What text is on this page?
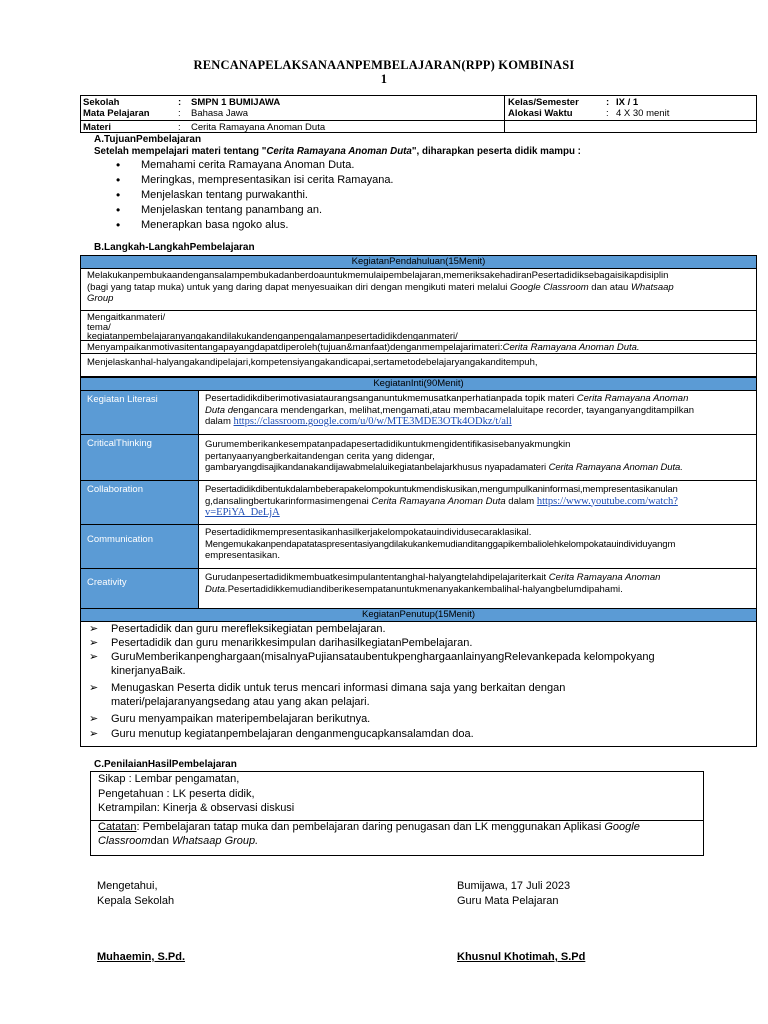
RENCANAPELAKSANAANPEMBELAJARAN(RPP) KOMBINASI
1
Sekolah	: SMPN 1 BUMIJAWA	Kelas/Semester	: IX / 1
Mata Pelajaran	: Bahasa Jawa	Alokasi Waktu	: 4 X 30 menit
Materi	: Cerita Ramayana Anoman Duta
A.TujuanPembelajaran
Setelah mempelajari materi tentang "Cerita Ramayana Anoman Duta", diharapkan peserta didik mampu :
• Memahami cerita Ramayana Anoman Duta.
• Meringkas, mempresentasikan isi cerita Ramayana.
• Menjelaskan tentang purwakanthi.
• Menjelaskan tentang panambang an.
• Menerapkan basa ngoko alus.
B.Langkah-LangkahPembelajaran
KegiatanPendahuluan(15Menit)
Melakukanpembukaandengansalampembukadanberdoauntukmemulaipembelajaran,memeriksakehadiranPesertadidiksebagaisikapdisiplin
(bagi yang tatap muka) untuk yang daring dapat menyesuaikan diri dengan mengikuti materi melalui Google Classroom dan atau Whatsaap
Group
Mengaitkanmateri/
tema/
kegiatanpembelajaranyangakandilakukandenganpengalamanpesertadidikdenganmateri/
Menyampaikanmotivasitentangapayangdapatdiperoleh(tujuan&manfaat)denganmempelajarimateri:Cerita Ramayana Anoman Duta.
Menjelaskanhal-halyangakandipelajari,kompetensiyangakandicapai,sertametodebelajaryangakanditempuh,
KegiatanInti(90Menit)
Kegiatan Literasi	Pesertadidikdiberimotivasiataurangsanganuntukmemusatkanperhatianpada topik materi Cerita Ramayana Anoman
Duta dengancara mendengarkan, melihat,mengamati,atau membacamelaluitape recorder, tayanganyangditampilkan
dalam https://classroom.google.com/u/0/w/MTE3MDE3OTk4ODkz/t/all
CriticalThinking	Gurumemberikankesempatanpadapesertadidikuntukmengidentifikasisebanyakmungkin
pertanyaanyangberkaitandengan cerita yang didengar,
gambaryangdisajikandanakandijawabmelaluikegiatanbelajarkhusus nyapadamateri Cerita Ramayana Anoman Duta.
Collaboration	Pesertadidikdibentukdalambeberapakelompokuntukmendiskusikan,mengumpulkaninformasi,mempresentasikanulan
g,dansalingbertukarinformasimengenai Cerita Ramayana Anoman Duta dalam https://www.youtube.com/watch?
v=EPiYA_DeLjA
Communication
Pesertadidikmempresentasikanhasilkerjakelompokatauindividusecaraklasikal.
Mengemukakanpendapatataspresentasiyangdilakukankemudianditanggapikembaliolehkelompokatauindividuyangm
empresentasikan.
Creativity	Gurudanpesertadidikmembuatkesimpulantentanghal-halyangtelahdipelajariterkait Cerita Ramayana Anoman
Duta.Pesertadidikkemudiandiberikesempatanuntukmenanyakankembalihal-halyangbelumdipahami.
KegiatanPenutup(15Menit)
➢ Pesertadidik dan guru merefleksikegiatan pembelajaran.
➢ Pesertadidik dan guru menarikkesimpulan darihasilkegiatanPembelajaran.
➢ GuruMemberikanpenghargaan(misalnyaPujiansataubentukpenghargaanlainyangRelevankepada kelompokyang kinerjanyaBaik.
➢ Menugaskan Peserta didik untuk terus mencari informasi dimana saja yang berkaitan dengan materi/pelajaranyangsedang atau yang akan pelajari.
➢ Guru menyampaikan materipembelajaran berikutnya.
➢ Guru menutup kegiatanpembelajaran denganmengucapkansalamdan doa.
C.PenilaianHasilPembelajaran
Sikap : Lembar pengamatan,
Pengetahuan : LK peserta didik,
Ketrampilan: Kinerja & observasi diskusi
Catatan: Pembelajaran tatap muka dan pembelajaran daring penugasan dan LK menggunakan Aplikasi Google
Classroomdan Whatsaap Group.
Mengetahui,
Kepala Sekolah
Muhaemin, S.Pd.
Bumijawa, 17 Juli 2023
Guru Mata Pelajaran
Khusnul Khotimah, S.Pd
